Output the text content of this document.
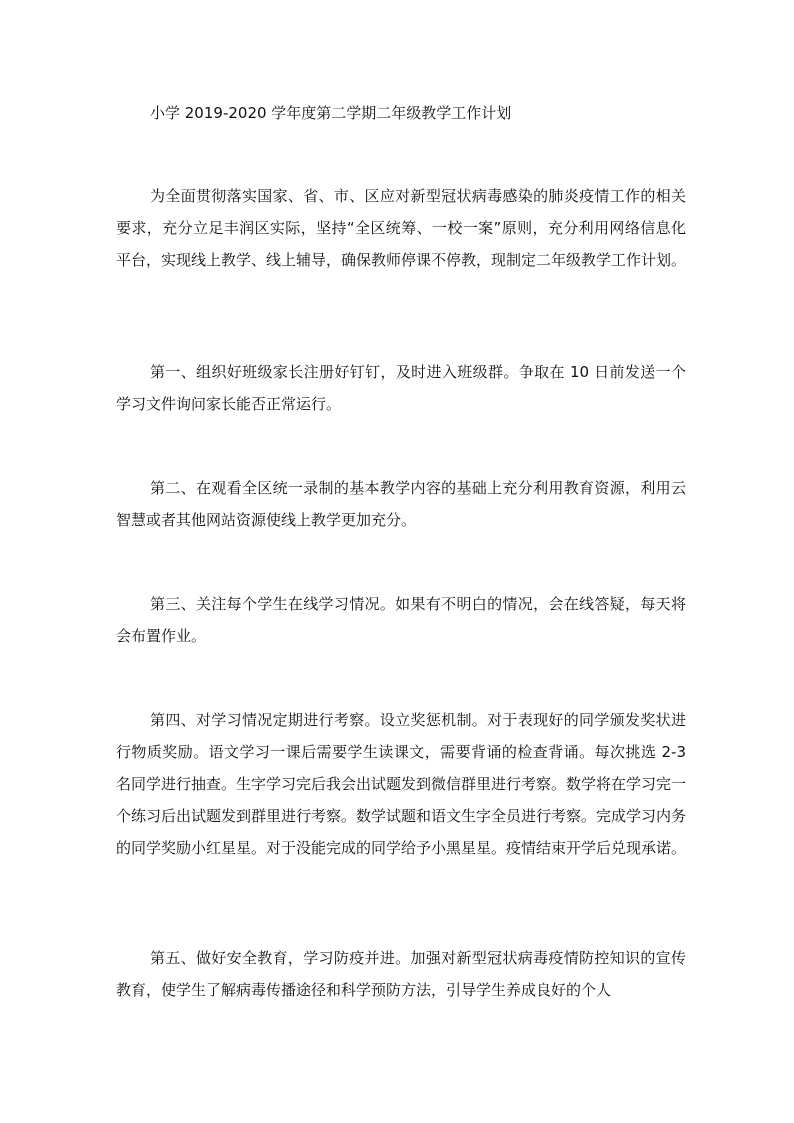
小学 2019-2020 学年度第二学期二年级教学工作计划

为全面贯彻落实国家、省、市、区应对新型冠状病毒感染的肺炎疫情工作的相关要求，充分立足丰润区实际，坚持“全区统筹、一校一案”原则，充分利用网络信息化平台，实现线上教学、线上辅导，确保教师停课不停教，现制定二年级教学工作计划。

第一、组织好班级家长注册好钉钉，及时进入班级群。争取在 10 日前发送一个学习文件询问家长能否正常运行。

第二、在观看全区统一录制的基本教学内容的基础上充分利用教育资源，利用云智慧或者其他网站资源使线上教学更加充分。

第三、关注每个学生在线学习情况。如果有不明白的情况，会在线答疑，每天将会布置作业。

第四、对学习情况定期进行考察。设立奖惩机制。对于表现好的同学颁发奖状进行物质奖励。语文学习一课后需要学生读课文，需要背诵的检查背诵。每次挑选 2-3 名同学进行抽查。生字学习完后我会出试题发到微信群里进行考察。数学将在学习完一个练习后出试题发到群里进行考察。数学试题和语文生字全员进行考察。完成学习内务的同学奖励小红星星。对于没能完成的同学给予小黑星星。疫情结束开学后兑现承诺。

第五、做好安全教育，学习防疫并进。加强对新型冠状病毒疫情防控知识的宣传教育，使学生了解病毒传播途径和科学预防方法，引导学生养成良好的个人
